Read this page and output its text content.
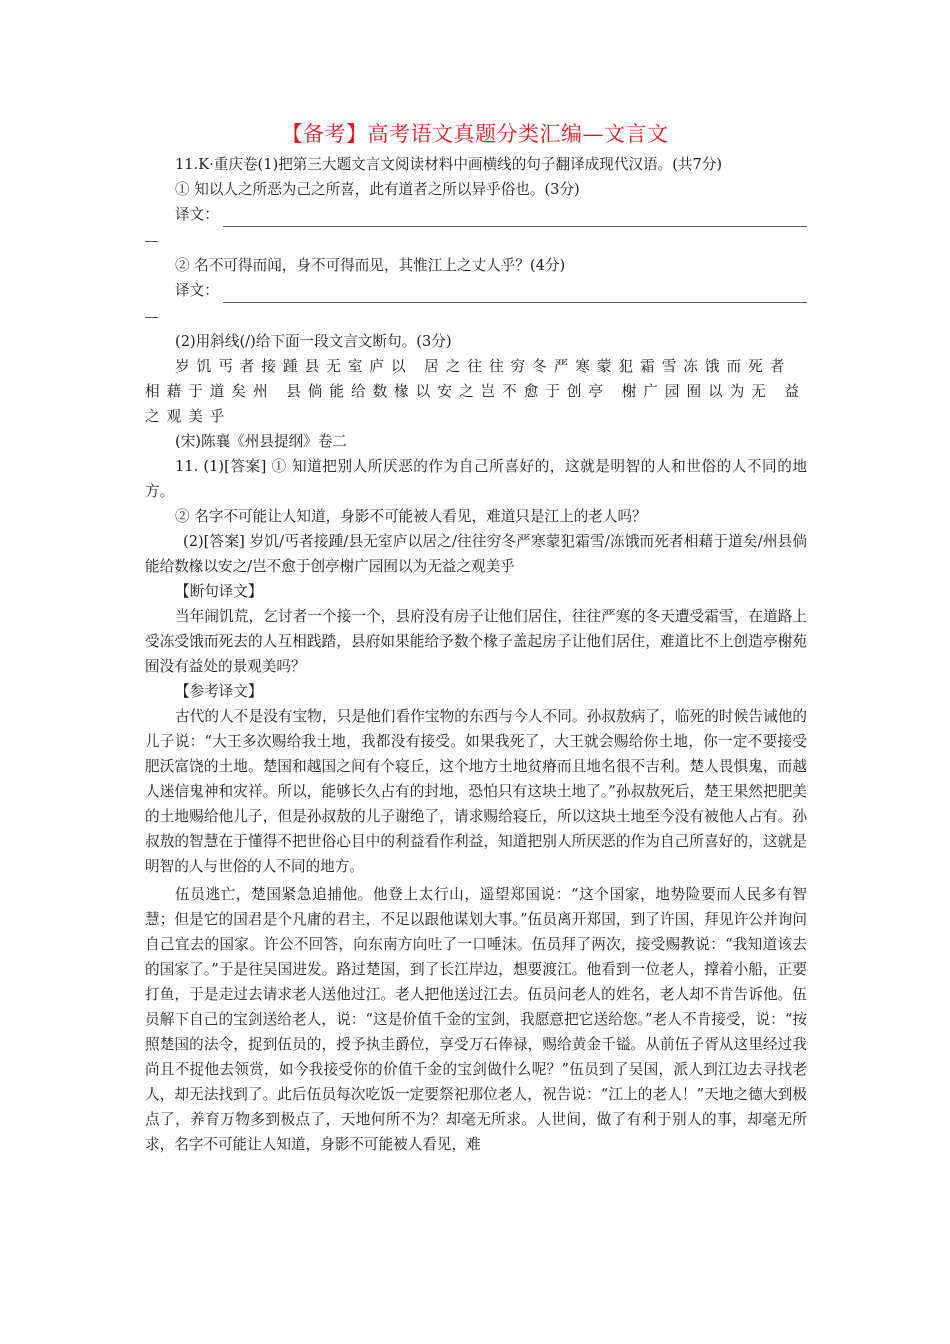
【备考】高考语文真题分类汇编—文言文

11.K·重庆卷(1)把第三大题文言文阅读材料中画横线的句子翻译成现代汉语。(共7分)

① 知以人之所恶为己之所喜，此有道者之所以异乎俗也。(3分)

译文：

② 名不可得而闻，身不可得而见，其惟江上之丈人乎？(4分)

译文：

(2)用斜线(/)给下面一段文言文断句。(3分)

岁饥丐者接踵县无室庐以 居之往往穷冬严寒蒙犯霜雪冻饿而死者相藉于道矣州 县倘能给数椽以安之岂不愈于创亭 榭广园囿以为无 益之观美乎

(宋)陈襄《州县提纲》卷二

11. (1)[答案] ① 知道把别人所厌恶的作为自己所喜好的，这就是明智的人和世俗的人不同的地方。

② 名字不可能让人知道，身影不可能被人看见，难道只是江上的老人吗？

(2)[答案] 岁饥/丐者接踵/县无室庐以居之/往往穷冬严寒蒙犯霜雪/冻饿而死者相藉于道矣/州县倘能给数椽以安之/岂不愈于创亭榭广园囿以为无益之观美乎

【断句译文】

当年闹饥荒，乞讨者一个接一个，县府没有房子让他们居住，往往严寒的冬天遭受霜雪，在道路上受冻受饿而死去的人互相践踏，县府如果能给予数个椽子盖起房子让他们居住，难道比不上创造亭榭苑囿没有益处的景观美吗？

【参考译文】

古代的人不是没有宝物，只是他们看作宝物的东西与今人不同。孙叔敖病了，临死的时候告诫他的儿子说：“大王多次赐给我土地，我都没有接受。如果我死了，大王就会赐给你土地，你一定不要接受肥沃富饶的土地。楚国和越国之间有个寝丘，这个地方土地贫瘠而且地名很不吉利。楚人畏惧鬼，而越人迷信鬼神和灾祥。所以，能够长久占有的封地，恐怕只有这块土地了。”孙叔敖死后，楚王果然把肥美的土地赐给他儿子，但是孙叔敖的儿子谢绝了，请求赐给寝丘，所以这块土地至今没有被他人占有。孙叔敖的智慧在于懂得不把世俗心目中的利益看作利益，知道把别人所厌恶的作为自己所喜好的，这就是明智的人与世俗的人不同的地方。

伍员逃亡，楚国紧急追捕他。他登上太行山，遥望郑国说：“这个国家，地势险要而人民多有智慧；但是它的国君是个凡庸的君主，不足以跟他谋划大事。”伍员离开郑国，到了许国，拜见许公并询问自己宜去的国家。许公不回答，向东南方向吐了一口唾沫。伍员拜了两次，接受赐教说：“我知道该去的国家了。”于是往吴国进发。路过楚国，到了长江岸边，想要渡江。他看到一位老人，撑着小船，正要打鱼，于是走过去请求老人送他过江。老人把他送过江去。伍员问老人的姓名，老人却不肯告诉他。伍员解下自己的宝剑送给老人，说：“这是价值千金的宝剑，我愿意把它送给您。”老人不肯接受，说：“按照楚国的法令，捉到伍员的，授予执圭爵位，享受万石俸禄，赐给黄金千镒。从前伍子胥从这里经过我尚且不捉他去领赏，如今我接受你的价值千金的宝剑做什么呢？”伍员到了吴国，派人到江边去寻找老人，却无法找到了。此后伍员每次吃饭一定要祭祀那位老人，祝告说：“江上的老人！”天地之德大到极点了，养育万物多到极点了，天地何所不为？却毫无所求。人世间，做了有利于别人的事，却毫无所求，名字不可能让人知道，身影不可能被人看见，难
